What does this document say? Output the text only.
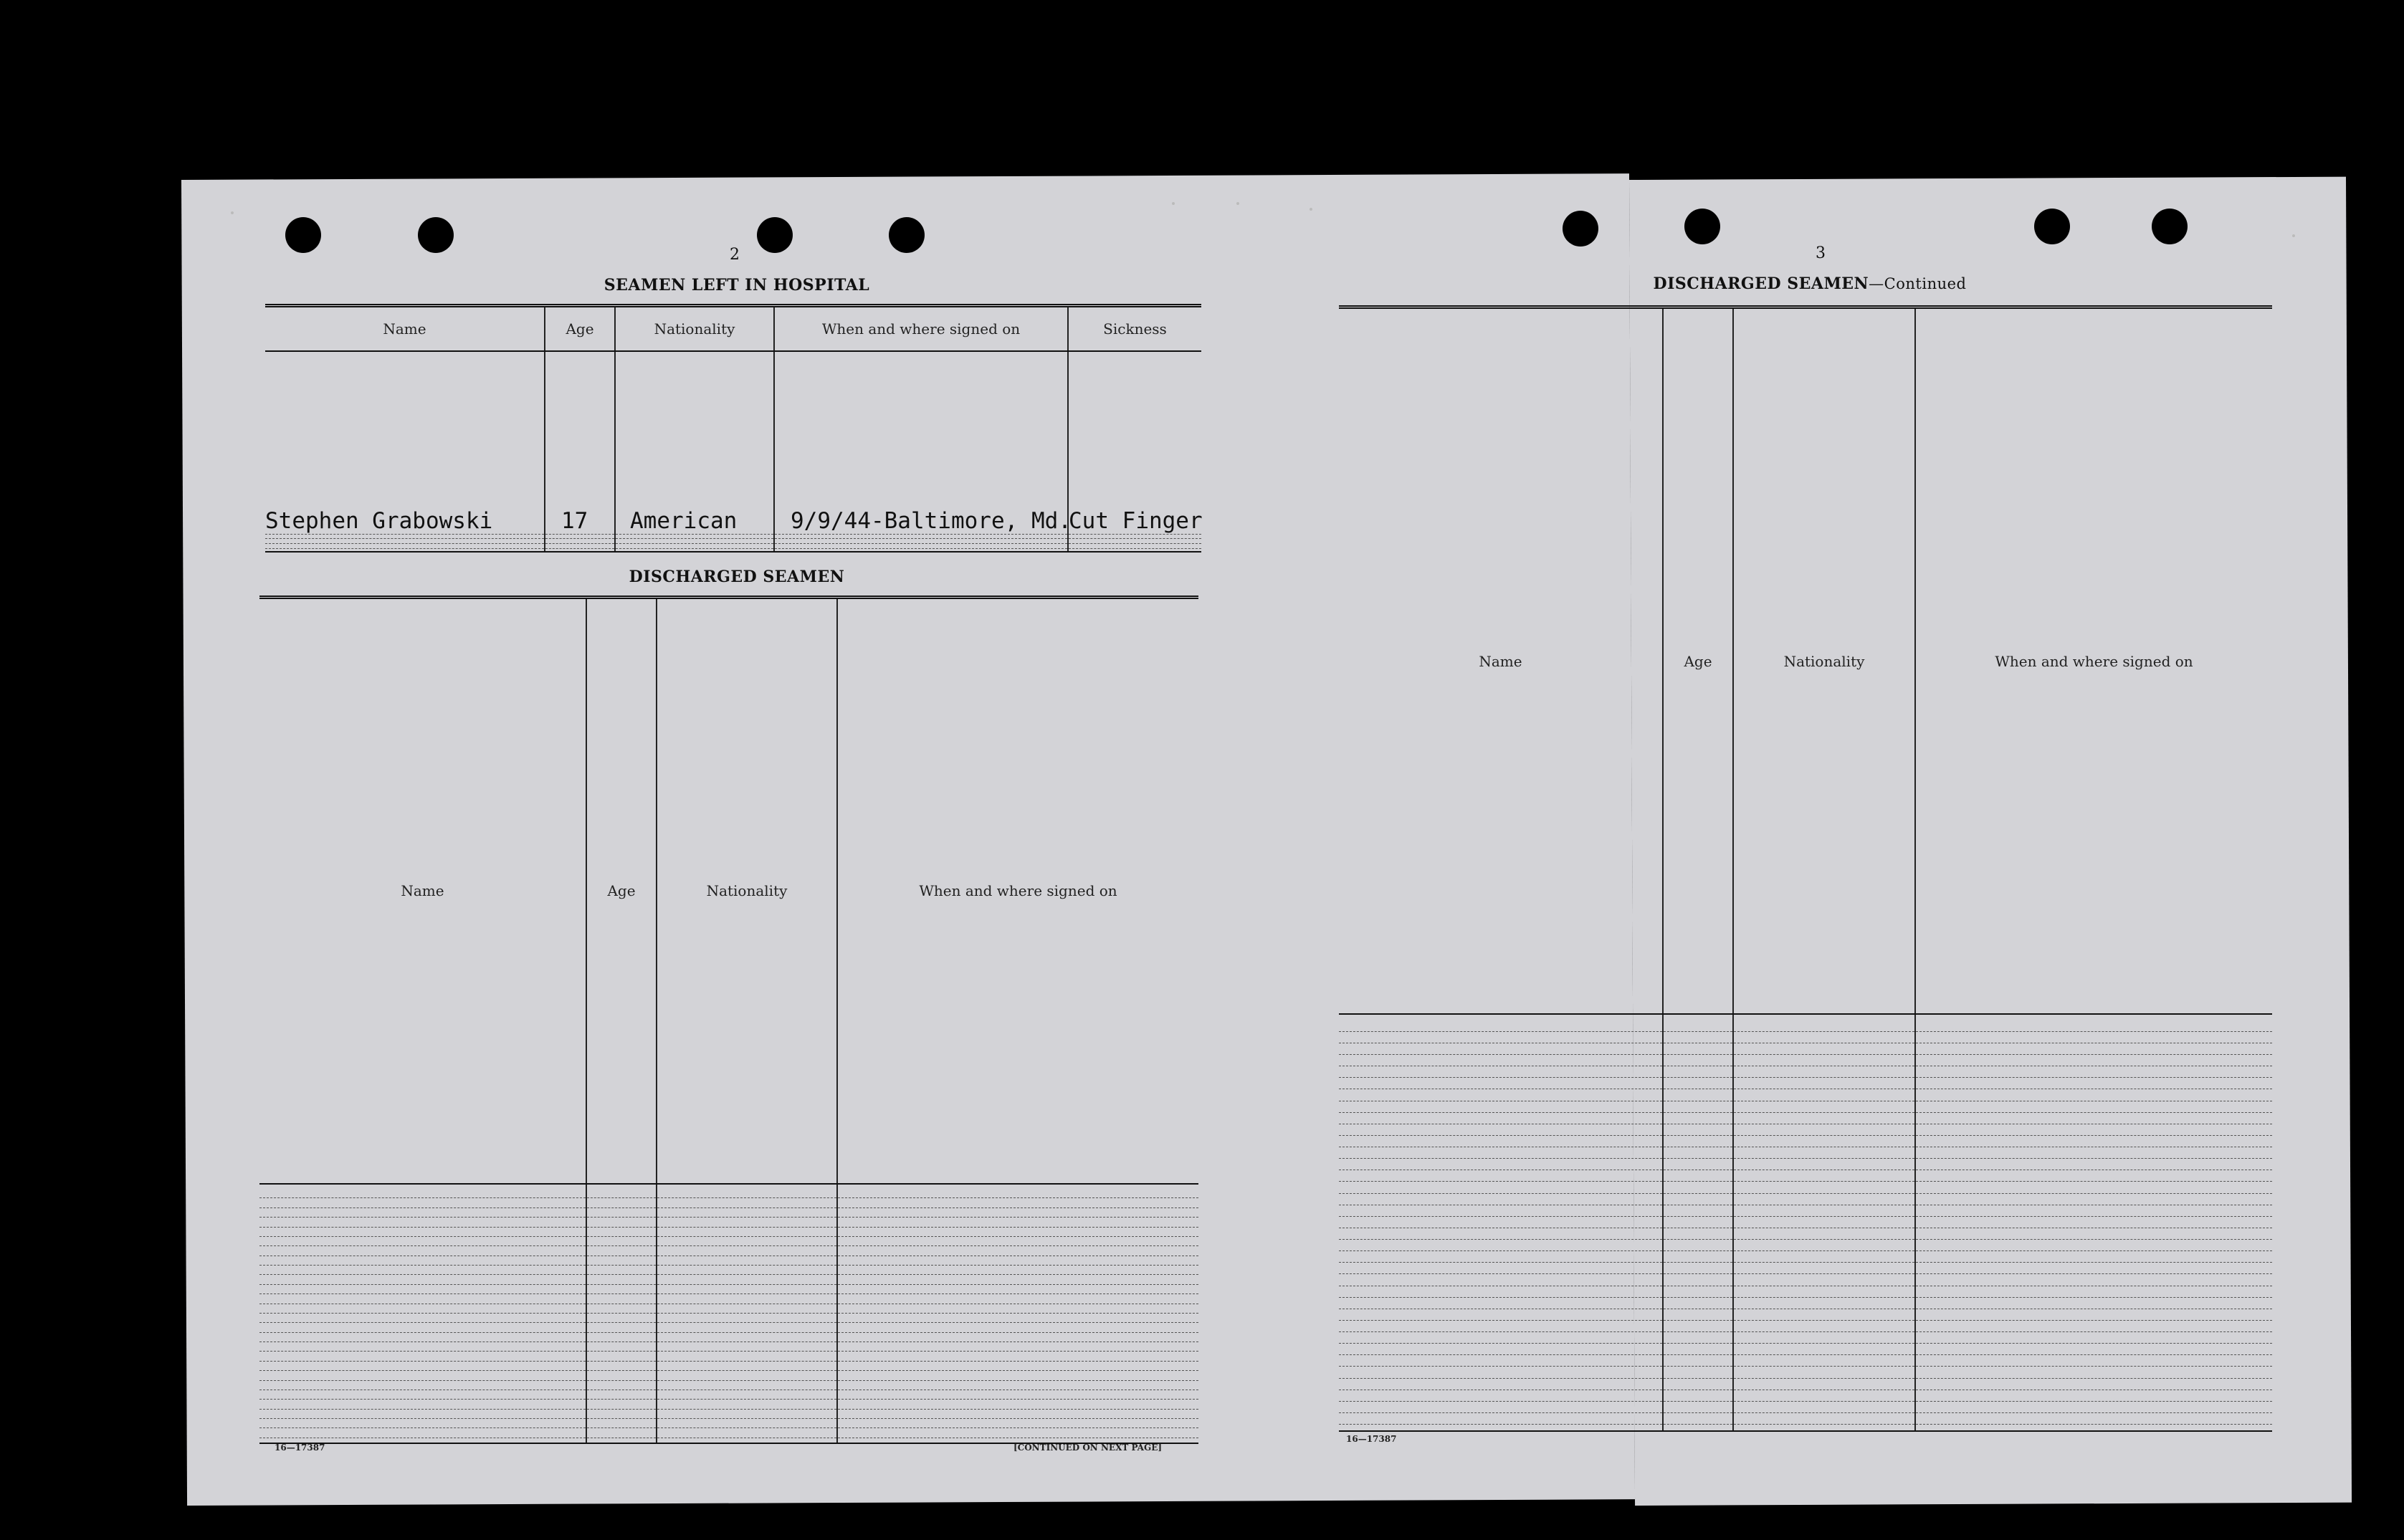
2
SEAMEN LEFT IN HOSPITAL
Name	Age	Nationality	When and where signed on	Sickness
Stephen Grabowski	17	American	9/9/44-Baltimore, Md.	Cut Finger

DISCHARGED SEAMEN
Name	Age	Nationality	When and where signed on

16—17387	[CONTINUED ON NEXT PAGE]
3
DISCHARGED SEAMEN—Continued
Name	Age	Nationality	When and where signed on

16—17387
